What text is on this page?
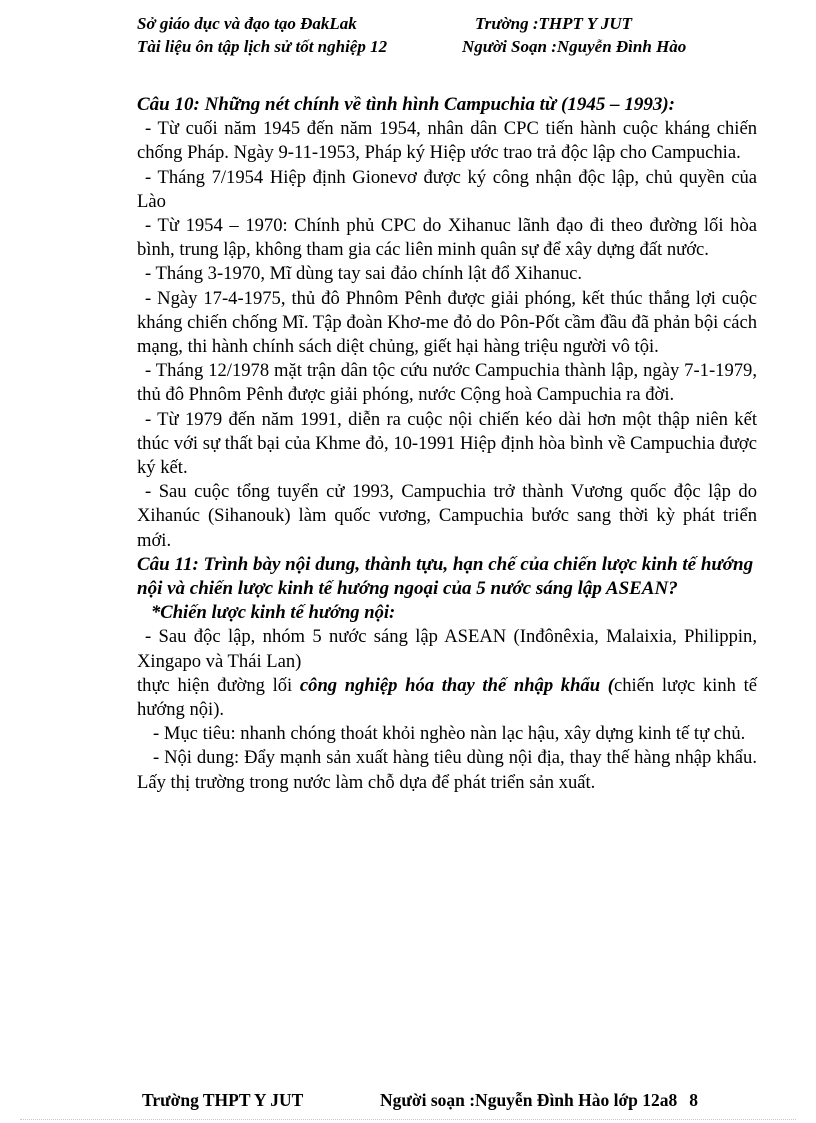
Sở giáo dục và đạo tạo ĐakLak	Trường :THPT Y JUT
Tài liệu ôn tập lịch sử tốt nghiệp 12	Người Soạn :Nguyễn Đình Hào

Câu 10: Những nét chính về tình hình Campuchia từ (1945 – 1993):

- Từ cuối năm 1945 đến năm 1954, nhân dân CPC tiến hành cuộc kháng chiến chống Pháp. Ngày 9-11-1953, Pháp ký Hiệp ước trao trả độc lập cho Campuchia.

- Tháng 7/1954 Hiệp định Gionevơ được ký công nhận độc lập, chủ quyền của Lào

- Từ 1954 – 1970: Chính phủ CPC do Xihanuc lãnh đạo đi theo đường lối hòa bình, trung lập, không tham gia các liên minh quân sự để xây dựng đất nước.

- Tháng 3-1970, Mĩ dùng tay sai đảo chính lật đổ Xihanuc.

- Ngày 17-4-1975, thủ đô Phnôm Pênh được giải phóng, kết thúc thắng lợi cuộc kháng chiến chống Mĩ. Tập đoàn Khơ-me đỏ do Pôn-Pốt cầm đầu đã phản bội cách mạng, thi hành chính sách diệt chủng, giết hại hàng triệu người vô tội.

- Tháng 12/1978 mặt trận dân tộc cứu nước Campuchia thành lập, ngày 7-1-1979, thủ đô Phnôm Pênh được giải phóng, nước Cộng hoà Campuchia ra đời.

- Từ 1979 đến năm 1991, diễn ra cuộc nội chiến kéo dài hơn một thập niên kết thúc với sự thất bại của Khme đỏ, 10-1991 Hiệp định hòa bình về Campuchia được ký kết.

- Sau cuộc tổng tuyển cử 1993, Campuchia trở thành Vương quốc độc lập do Xihanúc (Sihanouk) làm quốc vương, Campuchia bước sang thời kỳ phát triển mới.

Câu 11: Trình bày nội dung, thành tựu, hạn chế của chiến lược kinh tế hướng nội và chiến lược kinh tế hướng ngoại của 5 nước sáng lập ASEAN?

*Chiến lược kinh tế hướng nội:

- Sau độc lập, nhóm 5 nước sáng lập ASEAN (Inđônêxia, Malaixia, Philippin, Xingapo và Thái Lan)

thực hiện đường lối công nghiệp hóa thay thế nhập khẩu (chiến lược kinh tế hướng nội).

- Mục tiêu: nhanh chóng thoát khỏi nghèo nàn lạc hậu, xây dựng kinh tế tự chủ.

- Nội dung: Đẩy mạnh sản xuất hàng tiêu dùng nội địa, thay thế hàng nhập khẩu. Lấy thị trường trong nước làm chỗ dựa để phát triển sản xuất.

Trường THPT Y JUT	Người soạn :Nguyễn Đình Hào lớp 12a8 8
